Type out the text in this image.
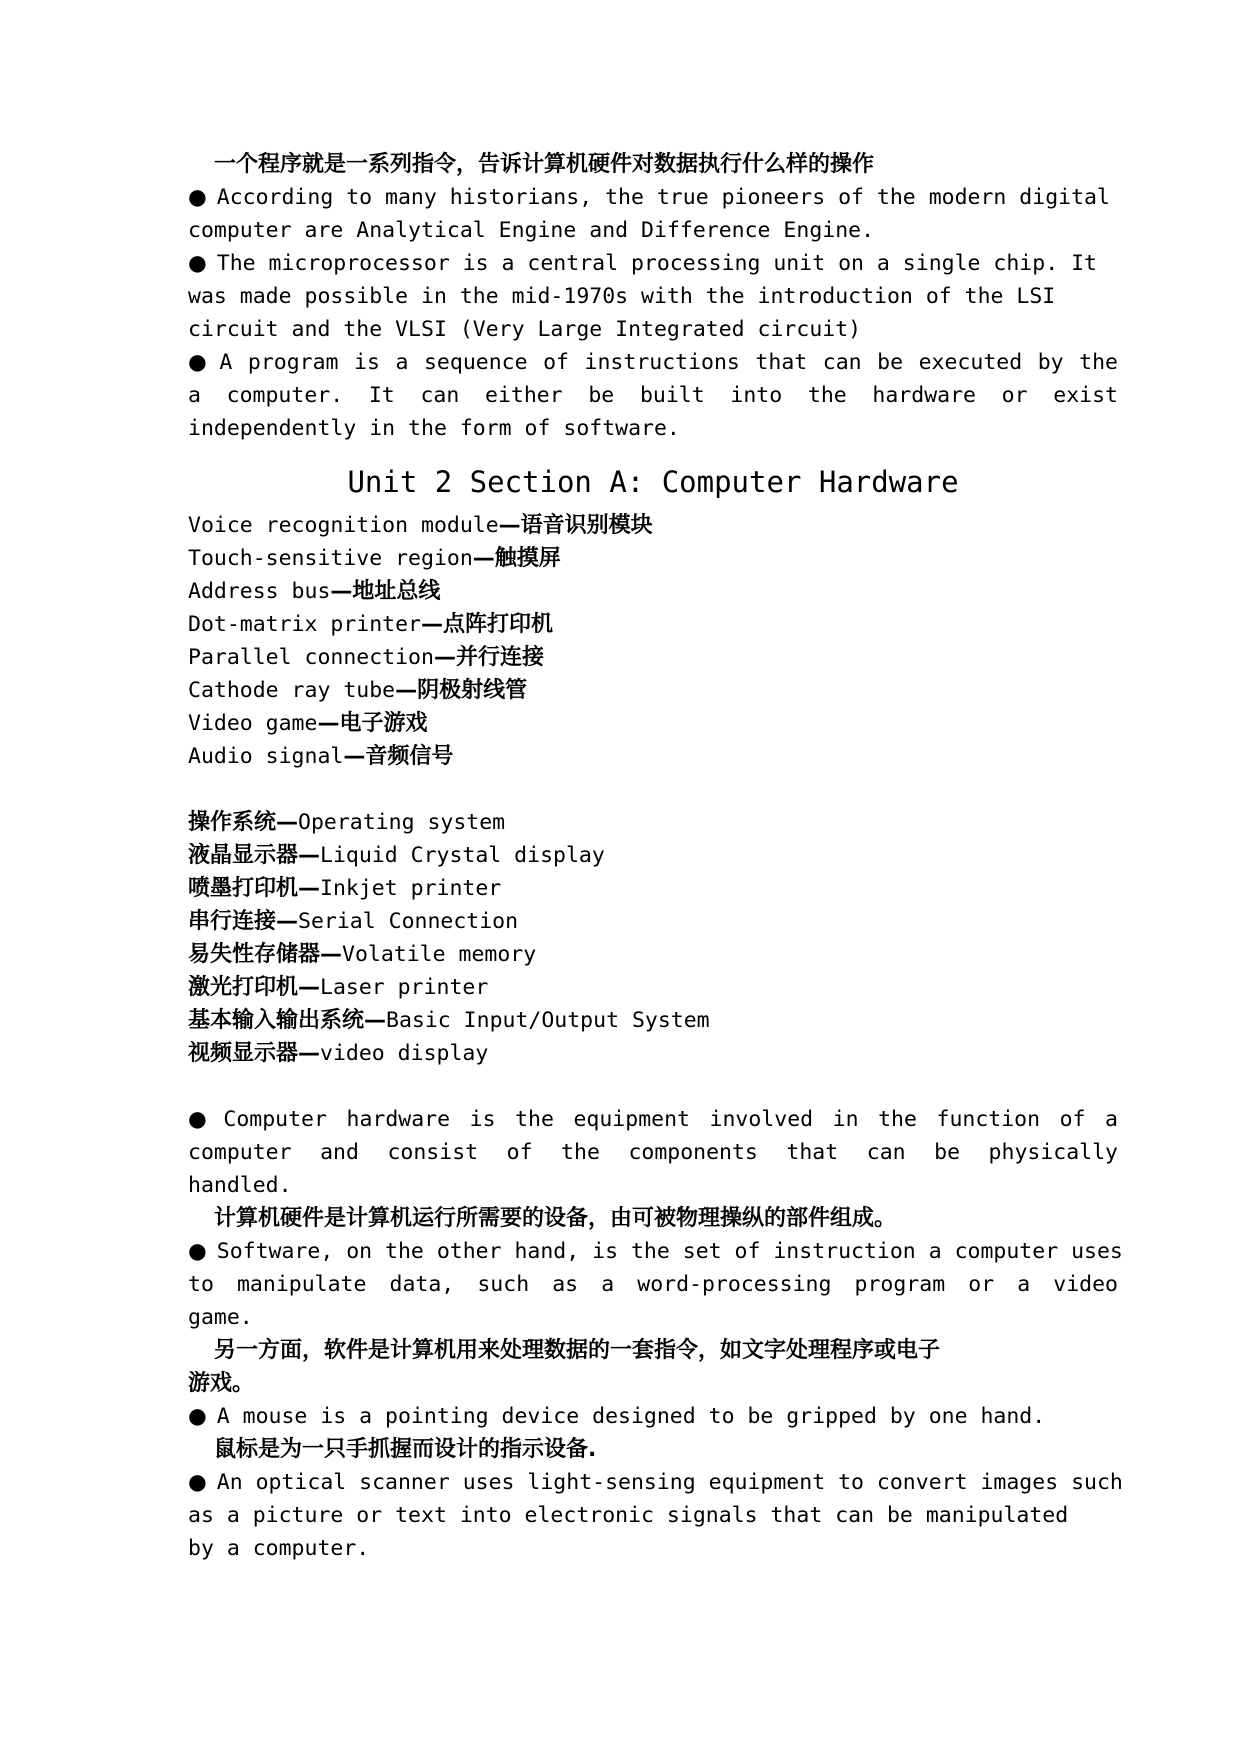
一个程序就是一系列指令，告诉计算机硬件对数据执行什么样的操作
● According to many historians, the true pioneers of the modern digital
computer are Analytical Engine and Difference Engine.
● The microprocessor is a central processing unit on a single chip. It
was made possible in the mid-1970s with the introduction of the LSI
circuit and the VLSI (Very Large Integrated circuit)
● A program is a sequence of instructions that can be executed by the
a computer. It can either be built into the hardware or exist
independently in the form of software.
Unit 2 Section A: Computer Hardware
Voice recognition module—语音识别模块
Touch-sensitive region—触摸屏
Address bus—地址总线
Dot-matrix printer—点阵打印机
Parallel connection—并行连接
Cathode ray tube—阴极射线管
Video game—电子游戏
Audio signal—音频信号
操作系统—Operating system
液晶显示器—Liquid Crystal display
喷墨打印机—Inkjet printer
串行连接—Serial Connection
易失性存储器—Volatile memory
激光打印机—Laser printer
基本输入输出系统—Basic Input/Output System
视频显示器—video display
● Computer hardware is the equipment involved in the function of a
computer and consist of the components that can be physically
handled.
计算机硬件是计算机运行所需要的设备，由可被物理操纵的部件组成。
● Software, on the other hand, is the set of instruction a computer uses
to manipulate data, such as a word-processing program or a video
game.
另一方面，软件是计算机用来处理数据的一套指令，如文字处理程序或电子
游戏。
● A mouse is a pointing device designed to be gripped by one hand.
鼠标是为一只手抓握而设计的指示设备.
● An optical scanner uses light-sensing equipment to convert images such
as a picture or text into electronic signals that can be manipulated
by a computer.
